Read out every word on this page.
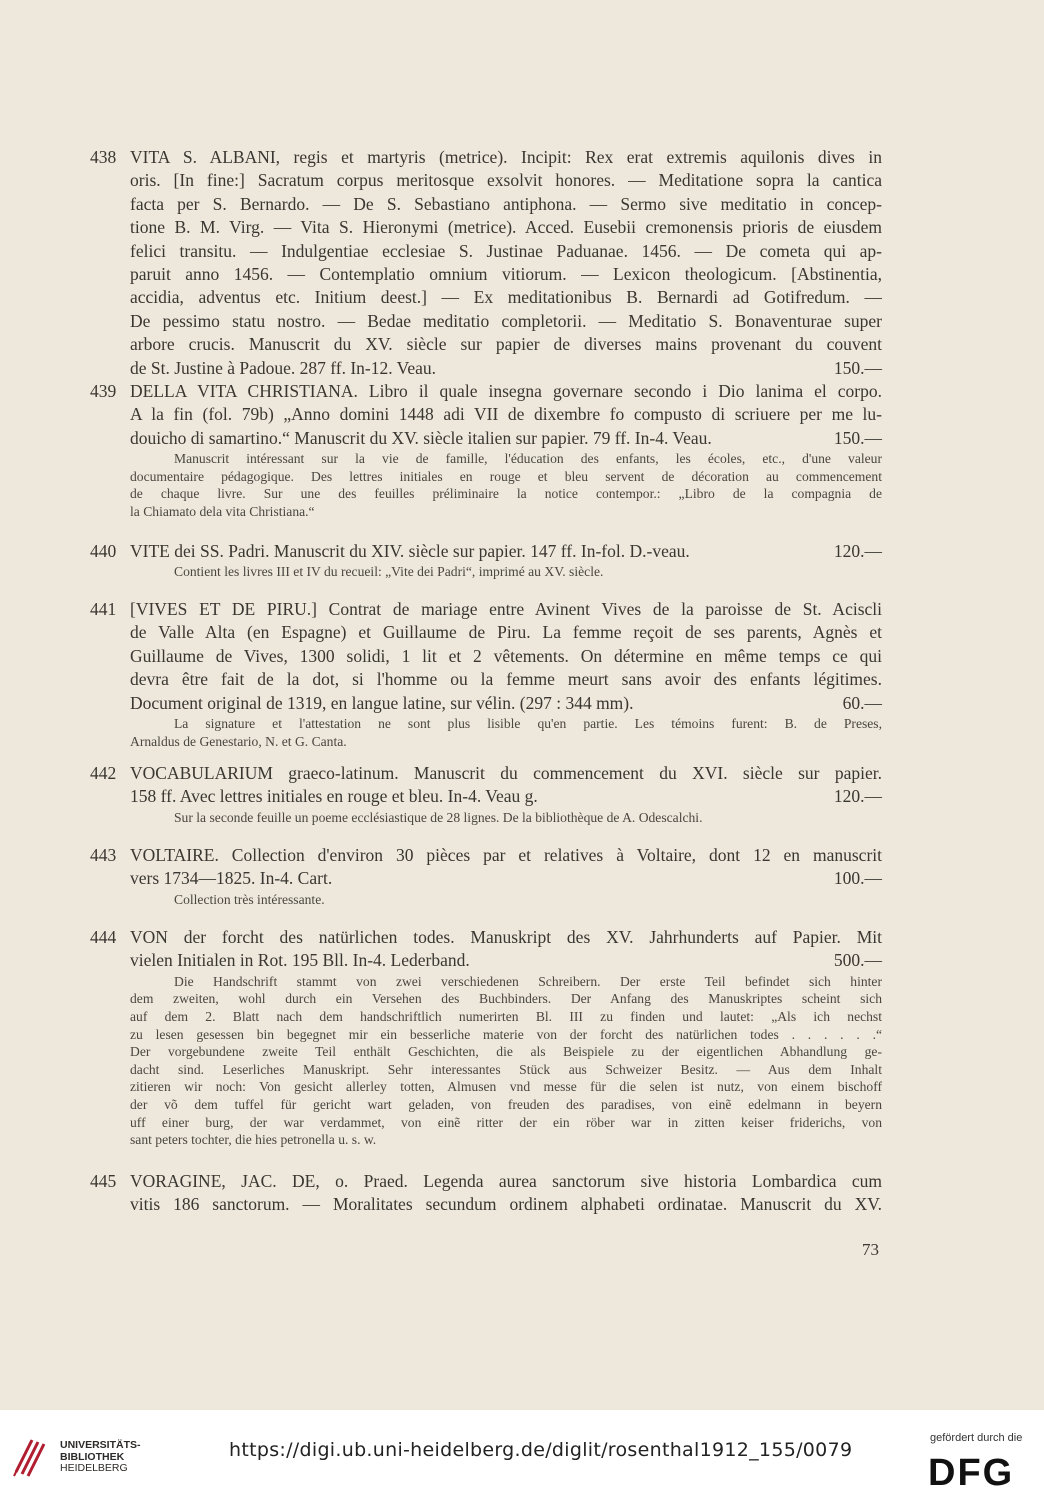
438 VITA S. ALBANI, regis et martyris (metrice). Incipit: Rex erat extremis aquilonis dives in
oris. [In fine:] Sacratum corpus meritosque exsolvit honores. — Meditatione sopra la cantica
facta per S. Bernardo. — De S. Sebastiano antiphona. — Sermo sive meditatio in concep-
tione B. M. Virg. — Vita S. Hieronymi (metrice). Acced. Eusebii cremonensis prioris de eiusdem
felici transitu. — Indulgentiae ecclesiae S. Justinae Paduanae. 1456. — De cometa qui ap-
paruit anno 1456. — Contemplatio omnium vitiorum. — Lexicon theologicum. [Abstinentia,
accidia, adventus etc. Initium deest.] — Ex meditationibus B. Bernardi ad Gotifredum. —
De pessimo statu nostro. — Bedae meditatio completorii. — Meditatio S. Bonaventurae super
arbore crucis. Manuscrit du XV. siècle sur papier de diverses mains provenant du couvent
de St. Justine à Padoue. 287 ff. In-12. Veau.	150.—
439 DELLA VITA CHRISTIANA. Libro il quale insegna governare secondo i Dio lanima el corpo.
A la fin (fol. 79b) „Anno domini 1448 adi VII de dixembre fo compusto di scriuere per me lu-
douicho di samartino.“ Manuscrit du XV. siècle italien sur papier. 79 ff. In-4. Veau.	150.—
Manuscrit intéressant sur la vie de famille, l'éducation des enfants, les écoles, etc., d'une valeur
documentaire pédagogique. Des lettres initiales en rouge et bleu servent de décoration au commencement
de chaque livre. Sur une des feuilles préliminaire la notice contempor.: „Libro de la compagnia de
la Chiamato dela vita Christiana.“
440 VITE dei SS. Padri. Manuscrit du XIV. siècle sur papier. 147 ff. In-fol. D.-veau.	120.—
Contient les livres III et IV du recueil: „Vite dei Padri“, imprimé au XV. siècle.
441 [VIVES ET DE PIRU.] Contrat de mariage entre Avinent Vives de la paroisse de St. Aciscli
de Valle Alta (en Espagne) et Guillaume de Piru. La femme reçoit de ses parents, Agnès et
Guillaume de Vives, 1300 solidi, 1 lit et 2 vêtements. On détermine en même temps ce qui
devra être fait de la dot, si l'homme ou la femme meurt sans avoir des enfants légitimes.
Document original de 1319, en langue latine, sur vélin. (297 : 344 mm).	60.—
La signature et l'attestation ne sont plus lisible qu'en partie. Les témoins furent: B. de Preses,
Arnaldus de Genestario, N. et G. Canta.
442 VOCABULARIUM graeco-latinum. Manuscrit du commencement du XVI. siècle sur papier.
158 ff. Avec lettres initiales en rouge et bleu. In-4. Veau g.	120.—
Sur la seconde feuille un poeme ecclésiastique de 28 lignes. De la bibliothèque de A. Odescalchi.
443 VOLTAIRE. Collection d'environ 30 pièces par et relatives à Voltaire, dont 12 en manuscrit
vers 1734—1825. In-4. Cart.	100.—
Collection très intéressante.
444 VON der forcht des natürlichen todes. Manuskript des XV. Jahrhunderts auf Papier. Mit
vielen Initialen in Rot. 195 Bll. In-4. Lederband.	500.—
Die Handschrift stammt von zwei verschiedenen Schreibern. Der erste Teil befindet sich hinter
dem zweiten, wohl durch ein Versehen des Buchbinders. Der Anfang des Manuskriptes scheint sich
auf dem 2. Blatt nach dem handschriftlich numerirten Bl. III zu finden und lautet: „Als ich nechst
zu lesen gesessen bin begegnet mir ein besserliche materie von der forcht des natürlichen todes . . . . . .“
Der vorgebundene zweite Teil enthält Geschichten, die als Beispiele zu der eigentlichen Abhandlung ge-
dacht sind. Leserliches Manuskript. Sehr interessantes Stück aus Schweizer Besitz. — Aus dem Inhalt
zitieren wir noch: Von gesicht allerley totten, Almusen vnd messe für die selen ist nutz, von einem bischoff
der võ dem tuffel für gericht wart geladen, von freuden des paradises, von einẽ edelmann in beyern
uff einer burg, der war verdammet, von einẽ ritter der ein röber war in zitten keiser friderichs, von
sant peters tochter, die hies petronella u. s. w.
445 VORAGINE, JAC. DE, o. Praed. Legenda aurea sanctorum sive historia Lombardica cum
vitis 186 sanctorum. — Moralitates secundum ordinem alphabeti ordinatae. Manuscrit du XV.
73
UNIVERSITÄTS-
BIBLIOTHEK
HEIDELBERG
https://digi.ub.uni-heidelberg.de/diglit/rosenthal1912_155/0079
gefördert durch die
DFG
